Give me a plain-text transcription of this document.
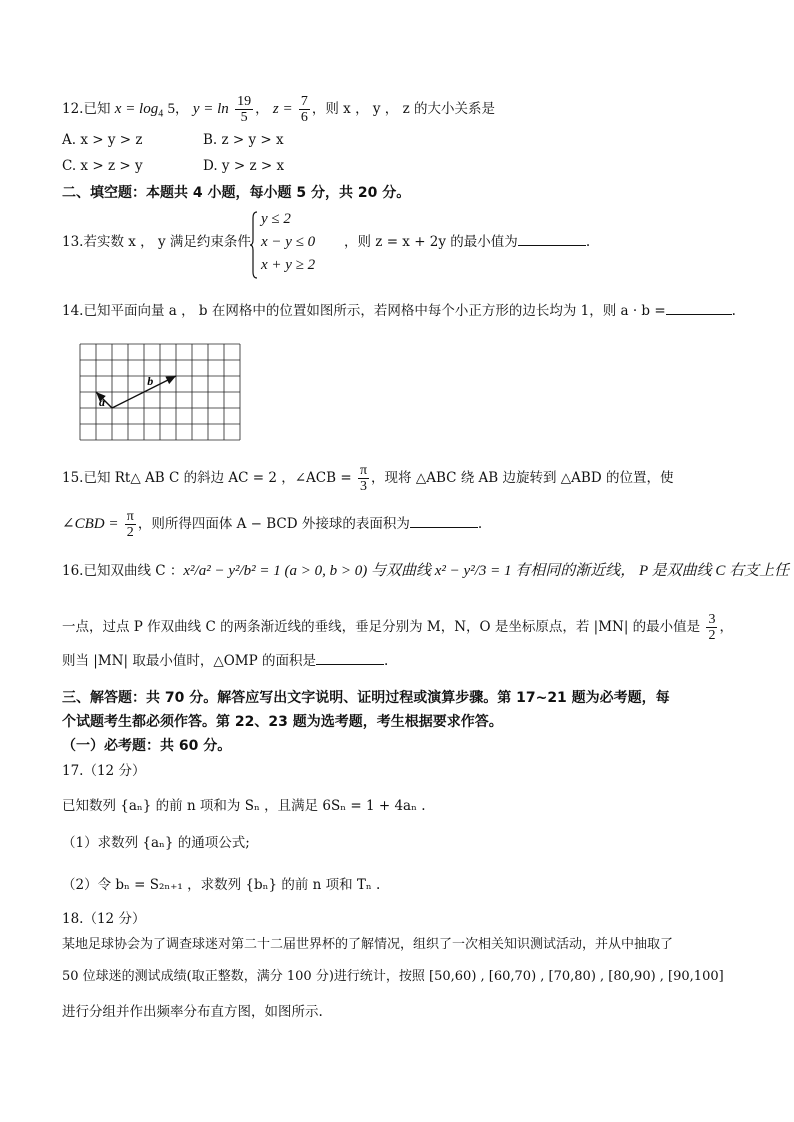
12.已知 $x = \log_4 5$， $y = \ln \frac{19}{5}$ ， $z = \frac{7}{6}$ ，则 x ， y ， z 的大小关系是
A. x > y > z	B. z > y > x
C. x > z > y	D. y > z > x
二、填空题：本题共 4 小题，每小题 5 分，共 20 分。
13.若实数 x ， y 满足约束条件
y ≤ 2
x − y ≤ 0
x + y ≥ 2
，则 z = x + 2y 的最小值为	.
14.已知平面向量 a ， b 在网格中的位置如图所示，若网格中每个小正方形的边长均为 1，则 a · b =	.
a
b
15.已知 Rt△ AB C 的斜边 AC = 2 ，∠ACB = $\frac{\pi}{3}$ ，现将 △ABC 绕 AB 边旋转到 △ABD 的位置，使
∠CBD = $\frac{\pi}{2}$ ，则所得四面体 A − BCD 外接球的表面积为	.
16.已知双曲线 C ：x²/a² − y²/b² = 1 (a > 0, b > 0) 与双曲线 x² − y²/3 = 1 有相同的渐近线， P 是双曲线 C 右支上任
一点，过点 P 作双曲线 C 的两条渐近线的垂线，垂足分别为 M，N，O 是坐标原点，若 |MN| 的最小值是 $\frac{3}{2}$ ，
则当 |MN| 取最小值时，△OMP 的面积是	.
三、解答题：共 70 分。解答应写出文字说明、证明过程或演算步骤。第 17~21 题为必考题，每
个试题考生都必须作答。第 22、23 题为选考题，考生根据要求作答。
（一）必考题：共 60 分。
17.（12 分）
已知数列 {aₙ} 的前 n 项和为 Sₙ ，且满足 6Sₙ = 1 + 4aₙ .
（1）求数列 {aₙ} 的通项公式;
（2）令 bₙ = S₂ₙ₊₁ ，求数列 {bₙ} 的前 n 项和 Tₙ .
18.（12 分）
某地足球协会为了调查球迷对第二十二届世界杯的了解情况，组织了一次相关知识测试活动，并从中抽取了
50 位球迷的测试成绩(取正整数，满分 100 分)进行统计，按照 [50,60) , [60,70) , [70,80) , [80,90) , [90,100]
进行分组并作出频率分布直方图，如图所示.
